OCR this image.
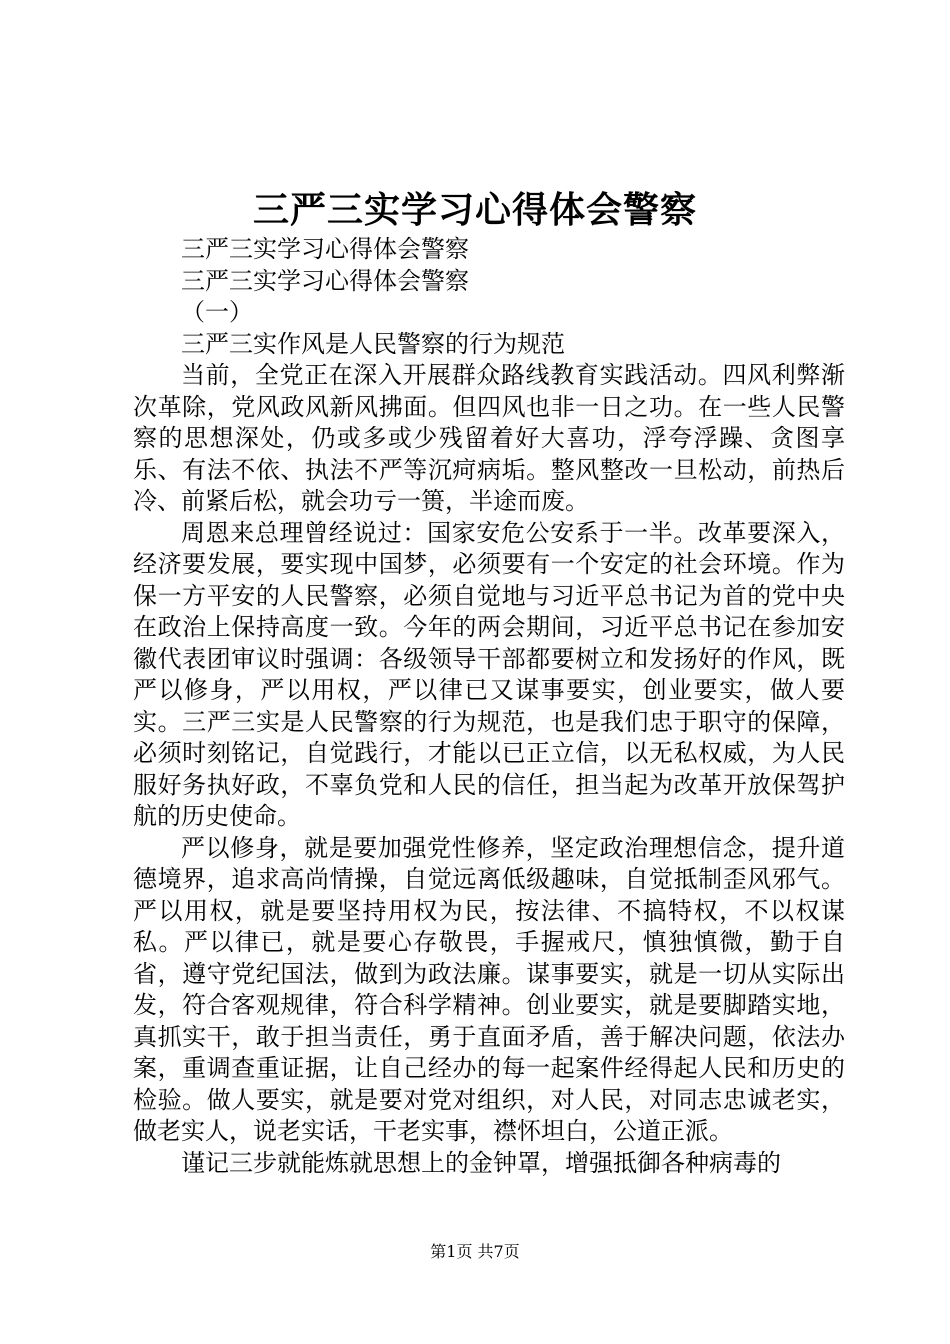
三严三实学习心得体会警察

三严三实学习心得体会警察

三严三实学习心得体会警察

（一）

三严三实作风是人民警察的行为规范

当前，全党正在深入开展群众路线教育实践活动。四风利弊渐次革除，党风政风新风拂面。但四风也非一日之功。在一些人民警察的思想深处，仍或多或少残留着好大喜功，浮夸浮躁、贪图享乐、有法不依、执法不严等沉疴病垢。整风整改一旦松动，前热后冷、前紧后松，就会功亏一篑，半途而废。

周恩来总理曾经说过：国家安危公安系于一半。改革要深入，经济要发展，要实现中国梦，必须要有一个安定的社会环境。作为保一方平安的人民警察，必须自觉地与习近平总书记为首的党中央在政治上保持高度一致。今年的两会期间，习近平总书记在参加安徽代表团审议时强调：各级领导干部都要树立和发扬好的作风，既严以修身，严以用权，严以律已又谋事要实，创业要实，做人要实。三严三实是人民警察的行为规范，也是我们忠于职守的保障，必须时刻铭记，自觉践行，才能以已正立信，以无私权威，为人民服好务执好政，不辜负党和人民的信任，担当起为改革开放保驾护航的历史使命。

严以修身，就是要加强党性修养，坚定政治理想信念，提升道德境界，追求高尚情操，自觉远离低级趣味，自觉抵制歪风邪气。严以用权，就是要坚持用权为民，按法律、不搞特权，不以权谋私。严以律已，就是要心存敬畏，手握戒尺，慎独慎微，勤于自省，遵守党纪国法，做到为政法廉。谋事要实，就是一切从实际出发，符合客观规律，符合科学精神。创业要实，就是要脚踏实地，真抓实干，敢于担当责任，勇于直面矛盾，善于解决问题，依法办案，重调查重证据，让自己经办的每一起案件经得起人民和历史的检验。做人要实，就是要对党对组织，对人民，对同志忠诚老实，做老实人，说老实话，干老实事，襟怀坦白，公道正派。

谨记三步就能炼就思想上的金钟罩，增强抵御各种病毒的

第1页 共7页
